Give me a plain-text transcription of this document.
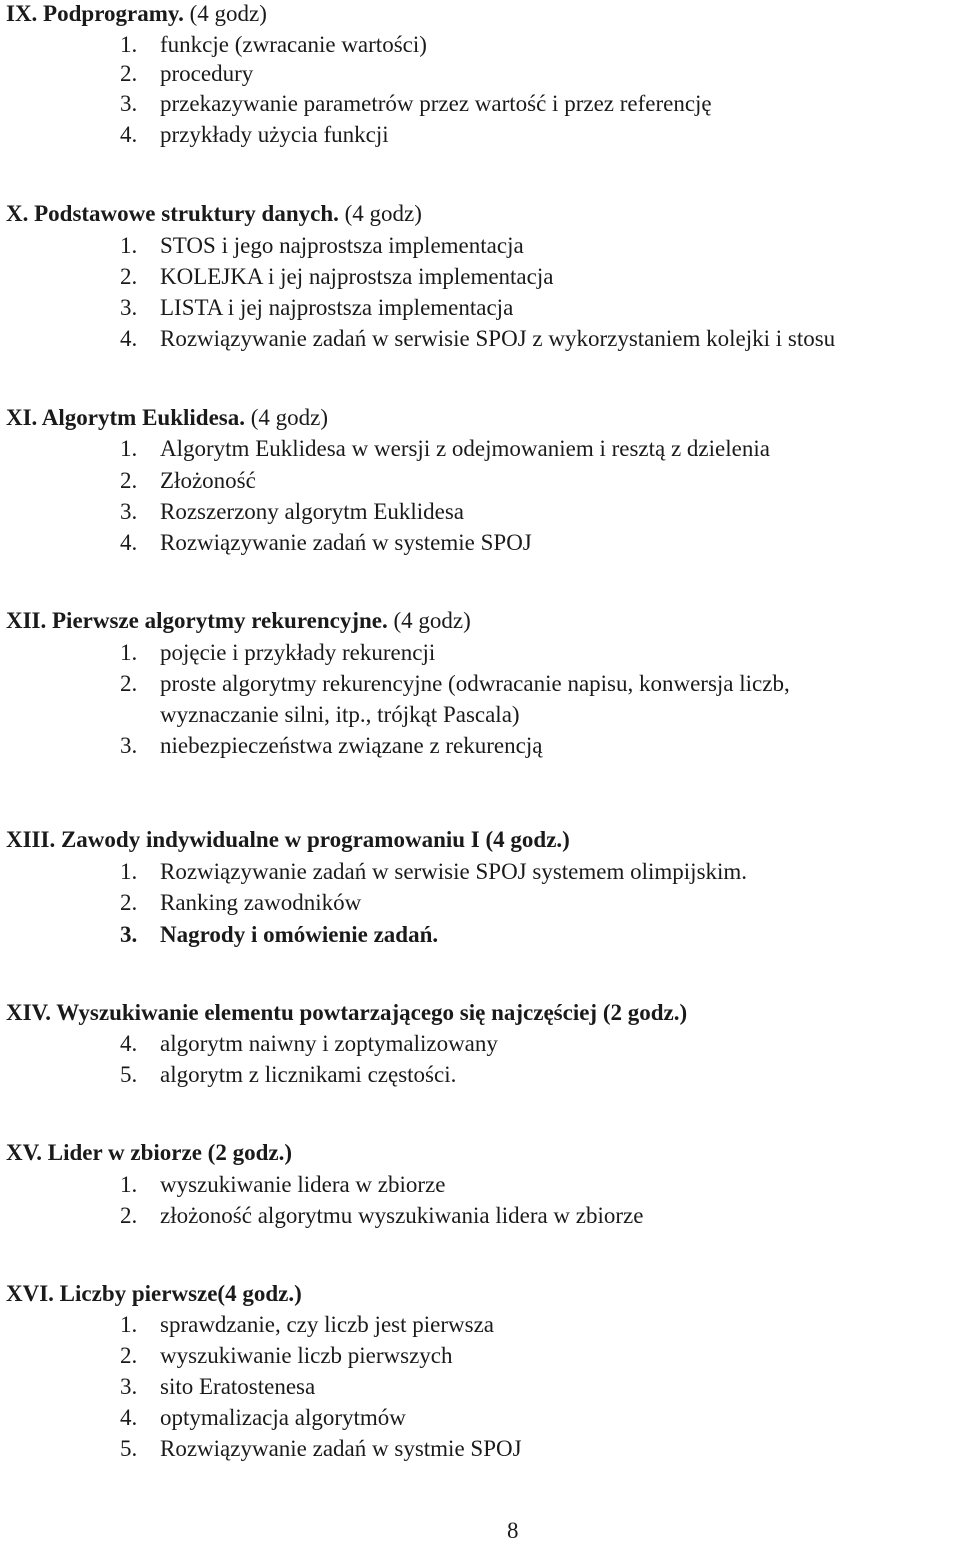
IX. Podprogramy. (4 godz)
1. funkcje (zwracanie wartości)
2. procedury
3. przekazywanie parametrów przez wartość i przez referencję
4. przykłady użycia funkcji
X. Podstawowe struktury danych. (4 godz)
1. STOS i jego najprostsza implementacja
2. KOLEJKA i jej najprostsza implementacja
3. LISTA i jej najprostsza implementacja
4. Rozwiązywanie zadań w serwisie SPOJ z wykorzystaniem kolejki i stosu
XI. Algorytm Euklidesa. (4 godz)
1. Algorytm Euklidesa w wersji z odejmowaniem i resztą z dzielenia
2. Złożoność
3. Rozszerzony algorytm Euklidesa
4. Rozwiązywanie zadań w systemie SPOJ
XII. Pierwsze algorytmy rekurencyjne. (4 godz)
1. pojęcie i przykłady rekurencji
2. proste algorytmy rekurencyjne (odwracanie napisu, konwersja liczb,
wyznaczanie silni, itp., trójkąt Pascala)
3. niebezpieczeństwa związane z rekurencją
XIII. Zawody indywidualne w programowaniu I (4 godz.)
1. Rozwiązywanie zadań w serwisie SPOJ systemem olimpijskim.
2. Ranking zawodników
3. Nagrody i omówienie zadań.
XIV. Wyszukiwanie elementu powtarzającego się najczęściej (2 godz.)
4. algorytm naiwny i zoptymalizowany
5. algorytm z licznikami częstości.
XV. Lider w zbiorze (2 godz.)
1. wyszukiwanie lidera w zbiorze
2. złożoność algorytmu wyszukiwania lidera w zbiorze
XVI. Liczby pierwsze(4 godz.)
1. sprawdzanie, czy liczb jest pierwsza
2. wyszukiwanie liczb pierwszych
3. sito Eratostenesa
4. optymalizacja algorytmów
5. Rozwiązywanie zadań w systmie SPOJ
8
